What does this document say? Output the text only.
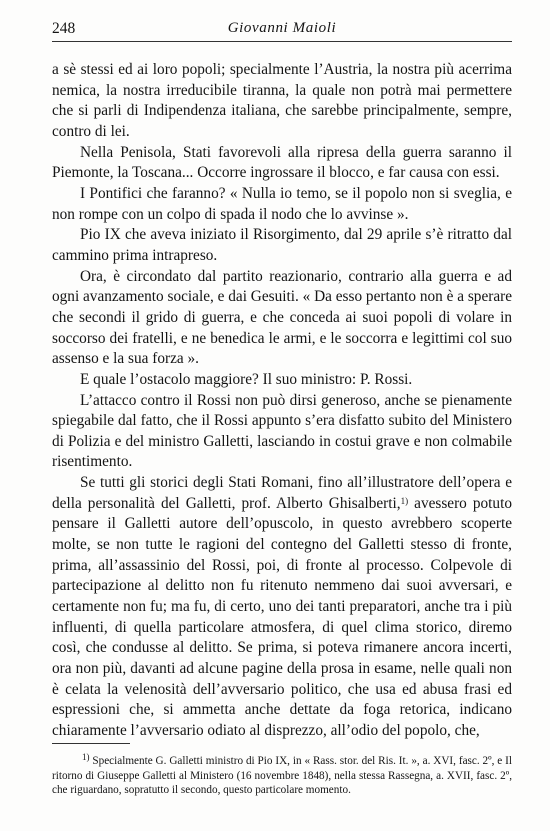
248	Giovanni Maioli

a sè stessi ed ai loro popoli; specialmente l’Austria, la nostra più acerrima nemica, la nostra irreducibile tiranna, la quale non potrà mai permettere che si parli di Indipendenza italiana, che sarebbe principalmente, sempre, contro di lei.

Nella Penisola, Stati favorevoli alla ripresa della guerra saranno il Piemonte, la Toscana... Occorre ingrossare il blocco, e far causa con essi.

I Pontifici che faranno? « Nulla io temo, se il popolo non si sveglia, e non rompe con un colpo di spada il nodo che lo avvinse ».

Pio IX che aveva iniziato il Risorgimento, dal 29 aprile s’è ritratto dal cammino prima intrapreso.

Ora, è circondato dal partito reazionario, contrario alla guerra e ad ogni avanzamento sociale, e dai Gesuiti. « Da esso pertanto non è a sperare che secondi il grido di guerra, e che conceda ai suoi popoli di volare in soccorso dei fratelli, e ne benedica le armi, e le soccorra e legittimi col suo assenso e la sua forza ».

E quale l’ostacolo maggiore? Il suo ministro: P. Rossi.

L’attacco contro il Rossi non può dirsi generoso, anche se pienamente spiegabile dal fatto, che il Rossi appunto s’era disfatto subito del Ministero di Polizia e del ministro Galletti, lasciando in costui grave e non colmabile risentimento.

Se tutti gli storici degli Stati Romani, fino all’illustratore dell’opera e della personalità del Galletti, prof. Alberto Ghisalberti,$^{1)}$ avessero potuto pensare il Galletti autore dell’opuscolo, in questo avrebbero scoperte molte, se non tutte le ragioni del contegno del Galletti stesso di fronte, prima, all’assassinio del Rossi, poi, di fronte al processo. Colpevole di partecipazione al delitto non fu ritenuto nemmeno dai suoi avversari, e certamente non fu; ma fu, di certo, uno dei tanti preparatori, anche tra i più influenti, di quella particolare atmosfera, di quel clima storico, diremo così, che condusse al delitto. Se prima, si poteva rimanere ancora incerti, ora non più, davanti ad alcune pagine della prosa in esame, nelle quali non è celata la velenosità dell’avversario politico, che usa ed abusa frasi ed espressioni che, si ammetta anche dettate da foga retorica, indicano chiaramente l’avversario odiato al disprezzo, all’odio del popolo, che,

$^{1)}$ Specialmente G. Galletti ministro di Pio IX, in « Rass. stor. del Ris. It. », a. XVI, fasc. 2º, e Il ritorno di Giuseppe Galletti al Ministero (16 novembre 1848), nella stessa Rassegna, a. XVII, fasc. 2º, che riguardano, sopratutto il secondo, questo particolare momento.
